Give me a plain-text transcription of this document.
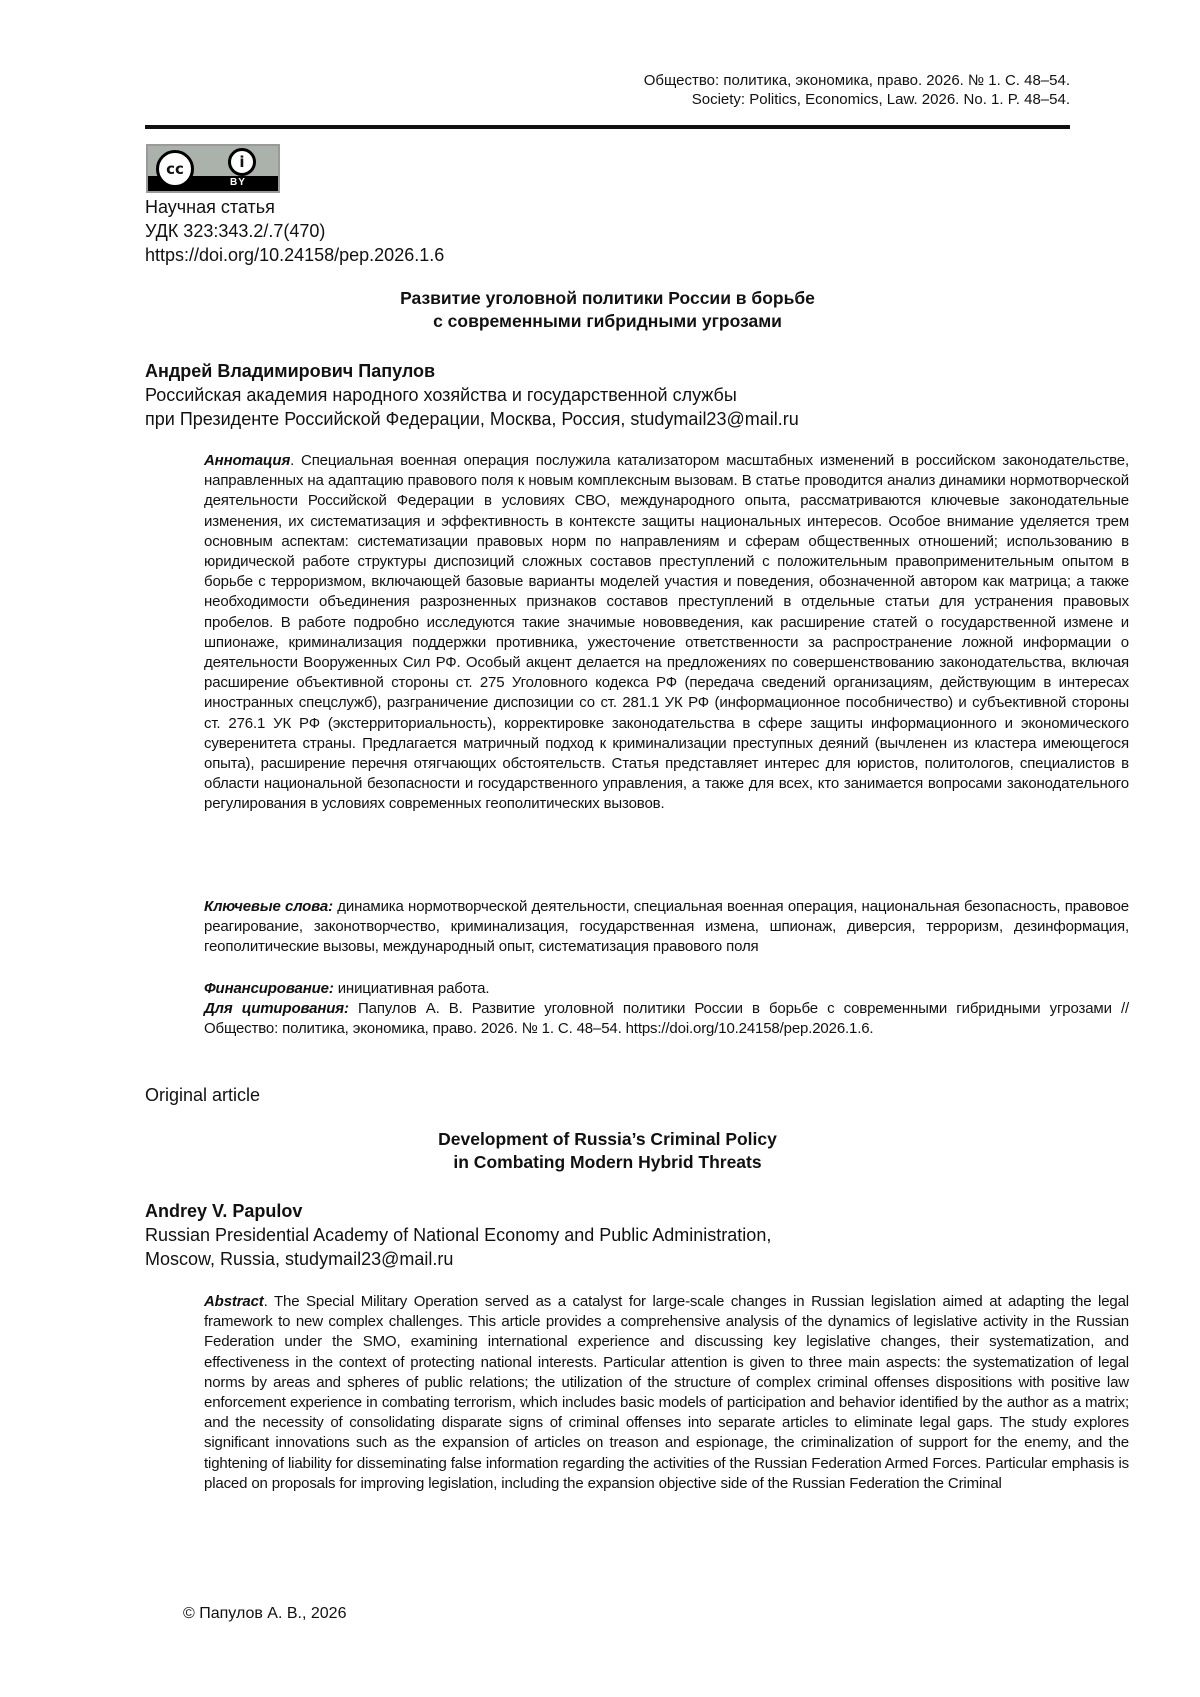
Общество: политика, экономика, право. 2026. № 1. С. 48–54.
Society: Politics, Economics, Law. 2026. No. 1. P. 48–54.
cc	i
BY
Научная статья
УДК 323:343.2/.7(470)
https://doi.org/10.24158/pep.2026.1.6
Развитие уголовной политики России в борьбе
с современными гибридными угрозами
Андрей Владимирович Папулов
Российская академия народного хозяйства и государственной службы
при Президенте Российской Федерации, Москва, Россия, studymail23@mail.ru
Аннотация. Специальная военная операция послужила катализатором масштабных изменений в российском законодательстве, направленных на адаптацию правового поля к новым комплексным вызовам. В статье проводится анализ динамики нормотворческой деятельности Российской Федерации в условиях СВО, международного опыта, рассматриваются ключевые законодательные изменения, их систематизация и эффективность в контексте защиты национальных интересов. Особое внимание уделяется трем основным аспектам: систематизации правовых норм по направлениям и сферам общественных отношений; использованию в юридической работе структуры диспозиций сложных составов преступлений с положительным правоприменительным опытом в борьбе с терроризмом, включающей базовые варианты моделей участия и поведения, обозначенной автором как матрица; а также необходимости объединения разрозненных признаков составов преступлений в отдельные статьи для устранения правовых пробелов. В работе подробно исследуются такие значимые нововведения, как расширение статей о государственной измене и шпионаже, криминализация поддержки противника, ужесточение ответственности за распространение ложной информации о деятельности Вооруженных Сил РФ. Особый акцент делается на предложениях по совершенствованию законодательства, включая расширение объективной стороны ст. 275 Уголовного кодекса РФ (передача сведений организациям, действующим в интересах иностранных спецслужб), разграничение диспозиции со ст. 281.1 УК РФ (информационное пособничество) и субъективной стороны ст. 276.1 УК РФ (экстерриториальность), корректировке законодательства в сфере защиты информационного и экономического суверенитета страны. Предлагается матричный подход к криминализации преступных деяний (вычленен из кластера имеющегося опыта), расширение перечня отягчающих обстоятельств. Статья представляет интерес для юристов, политологов, специалистов в области национальной безопасности и государственного управления, а также для всех, кто занимается вопросами законодательного регулирования в условиях современных геополитических вызовов.
Ключевые слова: динамика нормотворческой деятельности, специальная военная операция, национальная безопасность, правовое реагирование, законотворчество, криминализация, государственная измена, шпионаж, диверсия, терроризм, дезинформация, геополитические вызовы, международный опыт, систематизация правового поля
Финансирование: инициативная работа.
Для цитирования: Папулов А. В. Развитие уголовной политики России в борьбе с современными гибридными угрозами // Общество: политика, экономика, право. 2026. № 1. С. 48–54. https://doi.org/10.24158/pep.2026.1.6.
Original article
Development of Russia’s Criminal Policy
in Combating Modern Hybrid Threats
Andrey V. Papulov
Russian Presidential Academy of National Economy and Public Administration,
Moscow, Russia, studymail23@mail.ru
Abstract. The Special Military Operation served as a catalyst for large-scale changes in Russian legislation aimed at adapting the legal framework to new complex challenges. This article provides a comprehensive analysis of the dynamics of legislative activity in the Russian Federation under the SMO, examining international experience and discussing key legislative changes, their systematization, and effectiveness in the context of protecting national interests. Particular attention is given to three main aspects: the systematization of legal norms by areas and spheres of public relations; the utilization of the structure of complex criminal offenses dispositions with positive law enforcement experience in combating terrorism, which includes basic models of participation and behavior identified by the author as a matrix; and the necessity of consolidating disparate signs of criminal offenses into separate articles to eliminate legal gaps. The study explores significant innovations such as the expansion of articles on treason and espionage, the criminalization of support for the enemy, and the tightening of liability for disseminating false information regarding the activities of the Russian Federation Armed Forces. Particular emphasis is placed on proposals for improving legislation, including the expansion objective side of the Russian Federation the Criminal
© Папулов А. В., 2026
